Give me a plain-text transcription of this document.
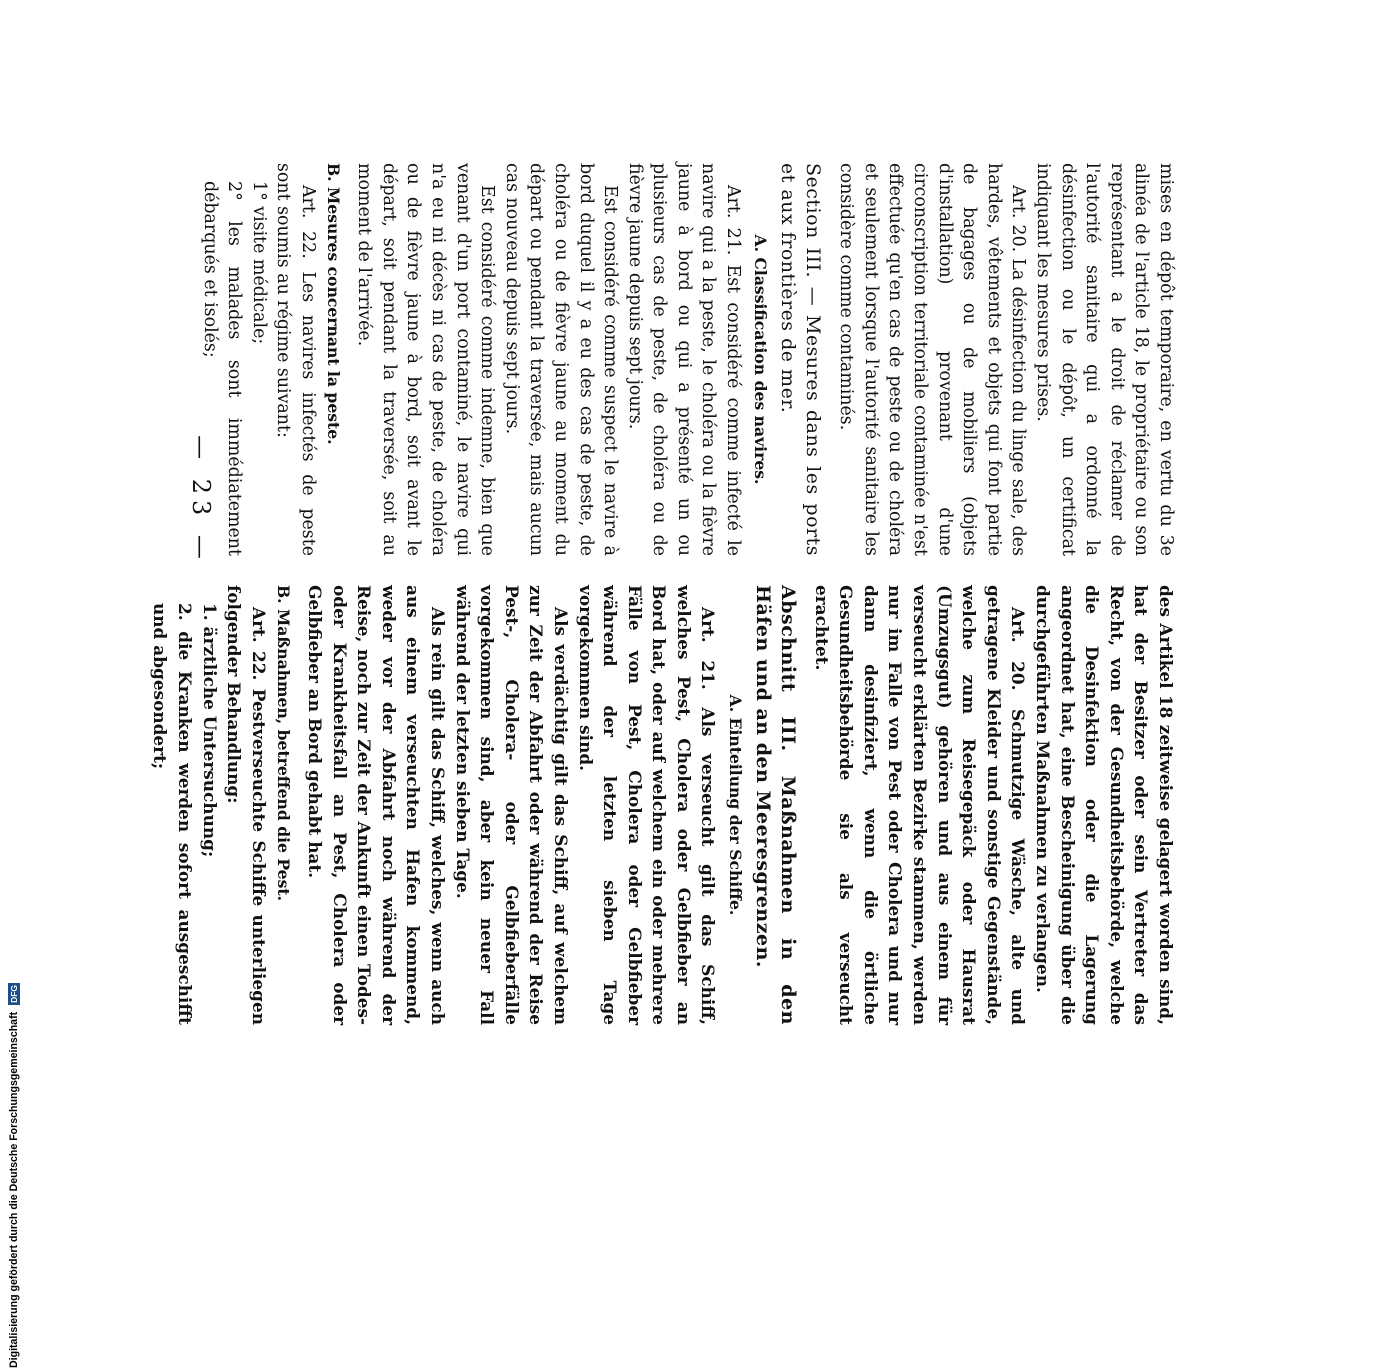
— 23 —	mises en dépôt temporaire, en vertu du 3e alinéa de l'article 18, le propriétaire ou son représentant a le droit de réclamer de l'autorité sanitaire qui a ordonné la désinfection ou le dépôt, un certificat indiquant les mesures prises.

Art. 20. La désinfection du linge sale, des hardes, vêtements et objets qui font partie de bagages ou de mobiliers (objets d'installation) provenant d'une circonscription territoriale contaminée n'est effectuée qu'en cas de peste ou de choléra et seulement lorsque l'autorité sanitaire les considère comme contaminés.

Section III. — Mesures dans les ports et aux frontières de mer.

A. Classification des navires.

Art. 21. Est considéré comme infecté le navire qui a la peste, le choléra ou la fièvre jaune à bord ou qui a présenté un ou plusieurs cas de peste, de choléra ou de fièvre jaune depuis sept jours.

Est considéré comme suspect le navire à bord duquel il y a eu des cas de peste, de choléra ou de fièvre jaune au moment du départ ou pendant la traversée, mais aucun cas nouveau depuis sept jours.

Est considéré comme indemne, bien que venant d'un port contaminé, le navire qui n'a eu ni décès ni cas de peste, de choléra ou de fièvre jaune à bord, soit avant le départ, soit pendant la traversée, soit au moment de l'arrivée.

B. Mesures concernant la peste.

Art. 22. Les navires infectés de peste sont soumis au régime suivant:

1° visite médicale;

2° les malades sont immédiatement débarqués et isolés;

des Artikel 18 zeitweise gelagert worden sind, hat der Besitzer oder sein Vertreter das Recht, von der Gesundheitsbehörde, welche die Desinfektion oder die Lagerung angeordnet hat, eine Bescheinigung über die durchgeführten Maßnahmen zu verlangen.

Art. 20. Schmutzige Wäsche, alte und getragene Kleider und sonstige Gegenstände, welche zum Reisegepäck oder Hausrat (Umzugsgut) gehören und aus einem für verseucht erklärten Bezirke stammen, werden nur im Falle von Pest oder Cholera und nur dann desinfiziert, wenn die örtliche Gesundheitsbehörde sie als verseucht erachtet.

Abschnitt III. Maßnahmen in den Häfen und an den Meeresgrenzen.

A. Einteilung der Schiffe.

Art. 21. Als verseucht gilt das Schiff, welches Pest, Cholera oder Gelbfieber an Bord hat, oder auf welchem ein oder mehrere Fälle von Pest, Cholera oder Gelbfieber während der letzten sieben Tage vorgekommen sind.

Als verdächtig gilt das Schiff, auf welchem zur Zeit der Abfahrt oder während der Reise Pest-, Cholera- oder Gelbfieberfälle vorgekommen sind, aber kein neuer Fall während der letzten sieben Tage.

Als rein gilt das Schiff, welches, wenn auch aus einem verseuchten Hafen kommend, weder vor der Abfahrt noch während der Reise, noch zur Zeit der Ankunft einen Todes- oder Krankheitsfall an Pest, Cholera oder Gelbfieber an Bord gehabt hat.

B. Maßnahmen, betreffend die Pest.

Art. 22. Pestverseuchte Schiffe unterliegen folgender Behandlung:

1. ärztliche Untersuchung;

2. die Kranken werden sofort ausgeschifft und abgesondert;

Digitalisierung gefördert durch die Deutsche Forschungsgemeinschaft DFG
